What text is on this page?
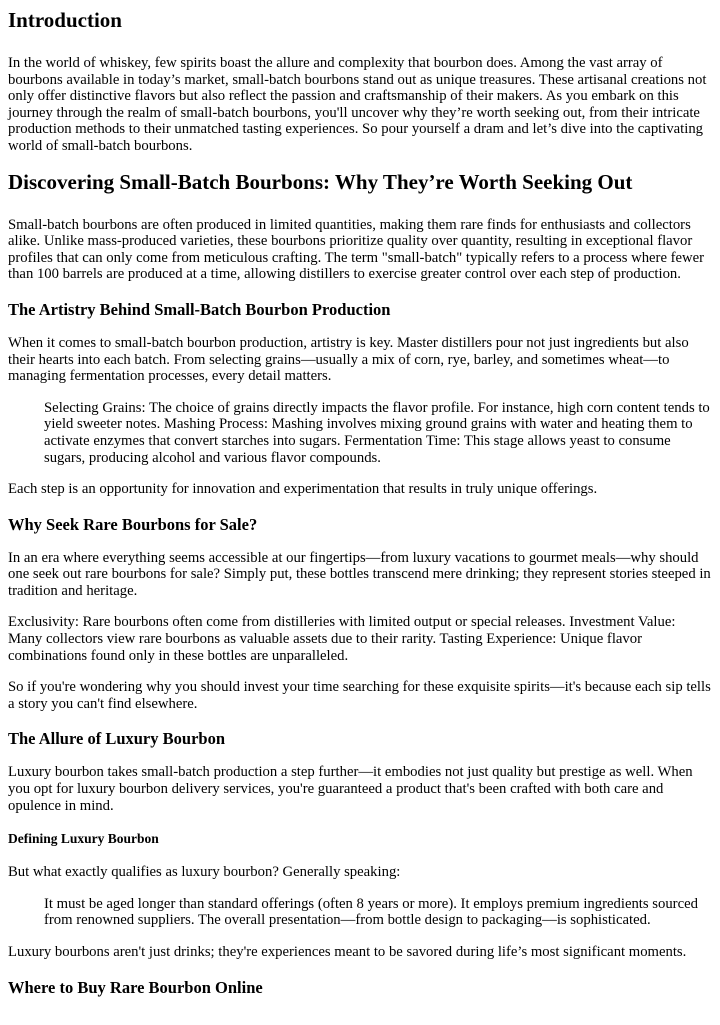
Introduction

In the world of whiskey, few spirits boast the allure and complexity that bourbon does. Among the vast array of bourbons available in today’s market, small-batch bourbons stand out as unique treasures. These artisanal creations not only offer distinctive flavors but also reflect the passion and craftsmanship of their makers. As you embark on this journey through the realm of small-batch bourbons, you'll uncover why they’re worth seeking out, from their intricate production methods to their unmatched tasting experiences. So pour yourself a dram and let’s dive into the captivating world of small-batch bourbons.

Discovering Small-Batch Bourbons: Why They’re Worth Seeking Out

Small-batch bourbons are often produced in limited quantities, making them rare finds for enthusiasts and collectors alike. Unlike mass-produced varieties, these bourbons prioritize quality over quantity, resulting in exceptional flavor profiles that can only come from meticulous crafting. The term "small-batch" typically refers to a process where fewer than 100 barrels are produced at a time, allowing distillers to exercise greater control over each step of production.

The Artistry Behind Small-Batch Bourbon Production

When it comes to small-batch bourbon production, artistry is key. Master distillers pour not just ingredients but also their hearts into each batch. From selecting grains—usually a mix of corn, rye, barley, and sometimes wheat—to managing fermentation processes, every detail matters.

Selecting Grains: The choice of grains directly impacts the flavor profile. For instance, high corn content tends to yield sweeter notes. Mashing Process: Mashing involves mixing ground grains with water and heating them to activate enzymes that convert starches into sugars. Fermentation Time: This stage allows yeast to consume sugars, producing alcohol and various flavor compounds.

Each step is an opportunity for innovation and experimentation that results in truly unique offerings.

Why Seek Rare Bourbons for Sale?

In an era where everything seems accessible at our fingertips—from luxury vacations to gourmet meals—why should one seek out rare bourbons for sale? Simply put, these bottles transcend mere drinking; they represent stories steeped in tradition and heritage.

Exclusivity: Rare bourbons often come from distilleries with limited output or special releases. Investment Value: Many collectors view rare bourbons as valuable assets due to their rarity. Tasting Experience: Unique flavor combinations found only in these bottles are unparalleled.

So if you're wondering why you should invest your time searching for these exquisite spirits—it's because each sip tells a story you can't find elsewhere.

The Allure of Luxury Bourbon

Luxury bourbon takes small-batch production a step further—it embodies not just quality but prestige as well. When you opt for luxury bourbon delivery services, you're guaranteed a product that's been crafted with both care and opulence in mind.

Defining Luxury Bourbon

But what exactly qualifies as luxury bourbon? Generally speaking:

It must be aged longer than standard offerings (often 8 years or more). It employs premium ingredients sourced from renowned suppliers. The overall presentation—from bottle design to packaging—is sophisticated.

Luxury bourbons aren't just drinks; they're experiences meant to be savored during life’s most significant moments.

Where to Buy Rare Bourbon Online
